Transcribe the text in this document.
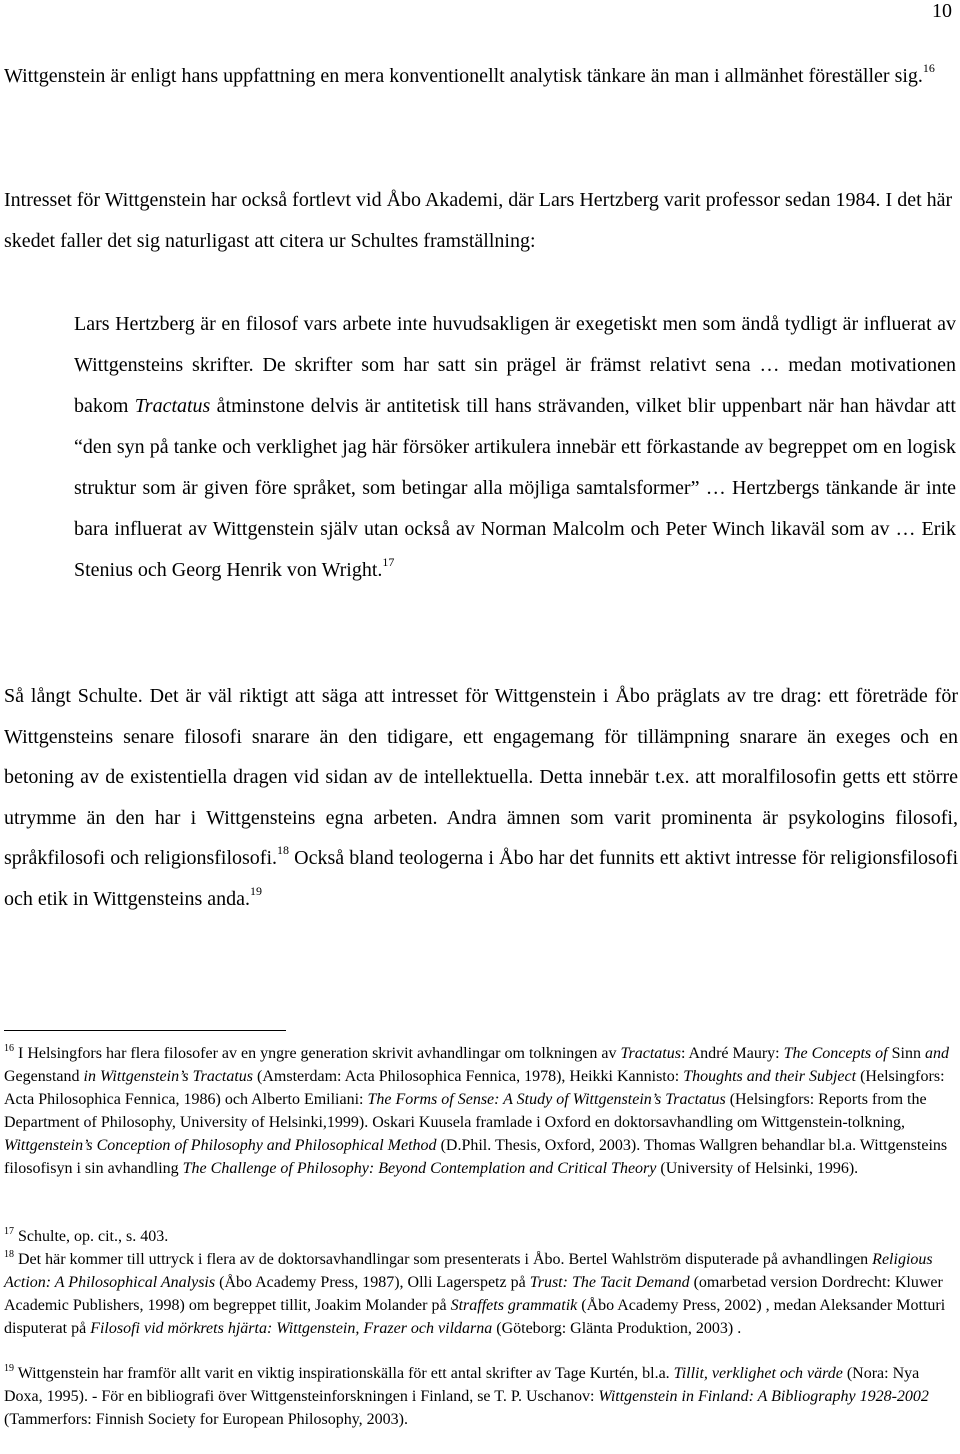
10

Wittgenstein är enligt hans uppfattning en mera konventionellt analytisk tänkare än man i allmänhet föreställer sig.$^{16}$

Intresset för Wittgenstein har också fortlevt vid Åbo Akademi, där Lars Hertzberg varit professor sedan 1984. I det här skedet faller det sig naturligast att citera ur Schultes framställning:

Lars Hertzberg är en filosof vars arbete inte huvudsakligen är exegetiskt men som ändå tydligt är influerat av Wittgensteins skrifter. De skrifter som har satt sin prägel är främst relativt sena … medan motivationen bakom Tractatus åtminstone delvis är antitetisk till hans strävanden, vilket blir uppenbart när han hävdar att “den syn på tanke och verklighet jag här försöker artikulera innebär ett förkastande av begreppet om en logisk struktur som är given före språket, som betingar alla möjliga samtalsformer” … Hertzbergs tänkande är inte bara influerat av Wittgenstein själv utan också av Norman Malcolm och Peter Winch likaväl som av … Erik Stenius och Georg Henrik von Wright.$^{17}$

Så långt Schulte. Det är väl riktigt att säga att intresset för Wittgenstein i Åbo präglats av tre drag: ett företräde för Wittgensteins senare filosofi snarare än den tidigare, ett engagemang för tillämpning snarare än exeges och en betoning av de existentiella dragen vid sidan av de intellektuella. Detta innebär t.ex. att moralfilosofin getts ett större utrymme än den har i Wittgensteins egna arbeten. Andra ämnen som varit prominenta är psykologins filosofi, språkfilosofi och religionsfilosofi.$^{18}$ Också bland teologerna i Åbo har det funnits ett aktivt intresse för religionsfilosofi och etik in Wittgensteins anda.$^{19}$

$^{16}$ I Helsingfors har flera filosofer av en yngre generation skrivit avhandlingar om tolkningen av Tractatus: André Maury: The Concepts of Sinn and Gegenstand in Wittgenstein’s Tractatus (Amsterdam: Acta Philosophica Fennica, 1978), Heikki Kannisto: Thoughts and their Subject (Helsingfors: Acta Philosophica Fennica, 1986) och Alberto Emiliani: The Forms of Sense: A Study of Wittgenstein’s Tractatus (Helsingfors: Reports from the Department of Philosophy, University of Helsinki,1999). Oskari Kuusela framlade i Oxford en doktorsavhandling om Wittgenstein-tolkning, Wittgenstein’s Conception of Philosophy and Philosophical Method (D.Phil. Thesis, Oxford, 2003). Thomas Wallgren behandlar bl.a. Wittgensteins filosofisyn i sin avhandling The Challenge of Philosophy: Beyond Contemplation and Critical Theory (University of Helsinki, 1996).

$^{17}$ Schulte, op. cit., s. 403.

$^{18}$ Det här kommer till uttryck i flera av de doktorsavhandlingar som presenterats i Åbo. Bertel Wahlström disputerade på avhandlingen Religious Action: A Philosophical Analysis (Åbo Academy Press, 1987), Olli Lagerspetz på Trust: The Tacit Demand (omarbetad version Dordrecht: Kluwer Academic Publishers, 1998) om begreppet tillit, Joakim Molander på Straffets grammatik (Åbo Academy Press, 2002) , medan Aleksander Motturi disputerat på Filosofi vid mörkrets hjärta: Wittgenstein, Frazer och vildarna (Göteborg: Glänta Produktion, 2003) .

$^{19}$ Wittgenstein har framför allt varit en viktig inspirationskälla för ett antal skrifter av Tage Kurtén, bl.a. Tillit, verklighet och värde (Nora: Nya Doxa, 1995). - För en bibliografi över Wittgensteinforskningen i Finland, se T. P. Uschanov: Wittgenstein in Finland: A Bibliography 1928-2002 (Tammerfors: Finnish Society for European Philosophy, 2003).
